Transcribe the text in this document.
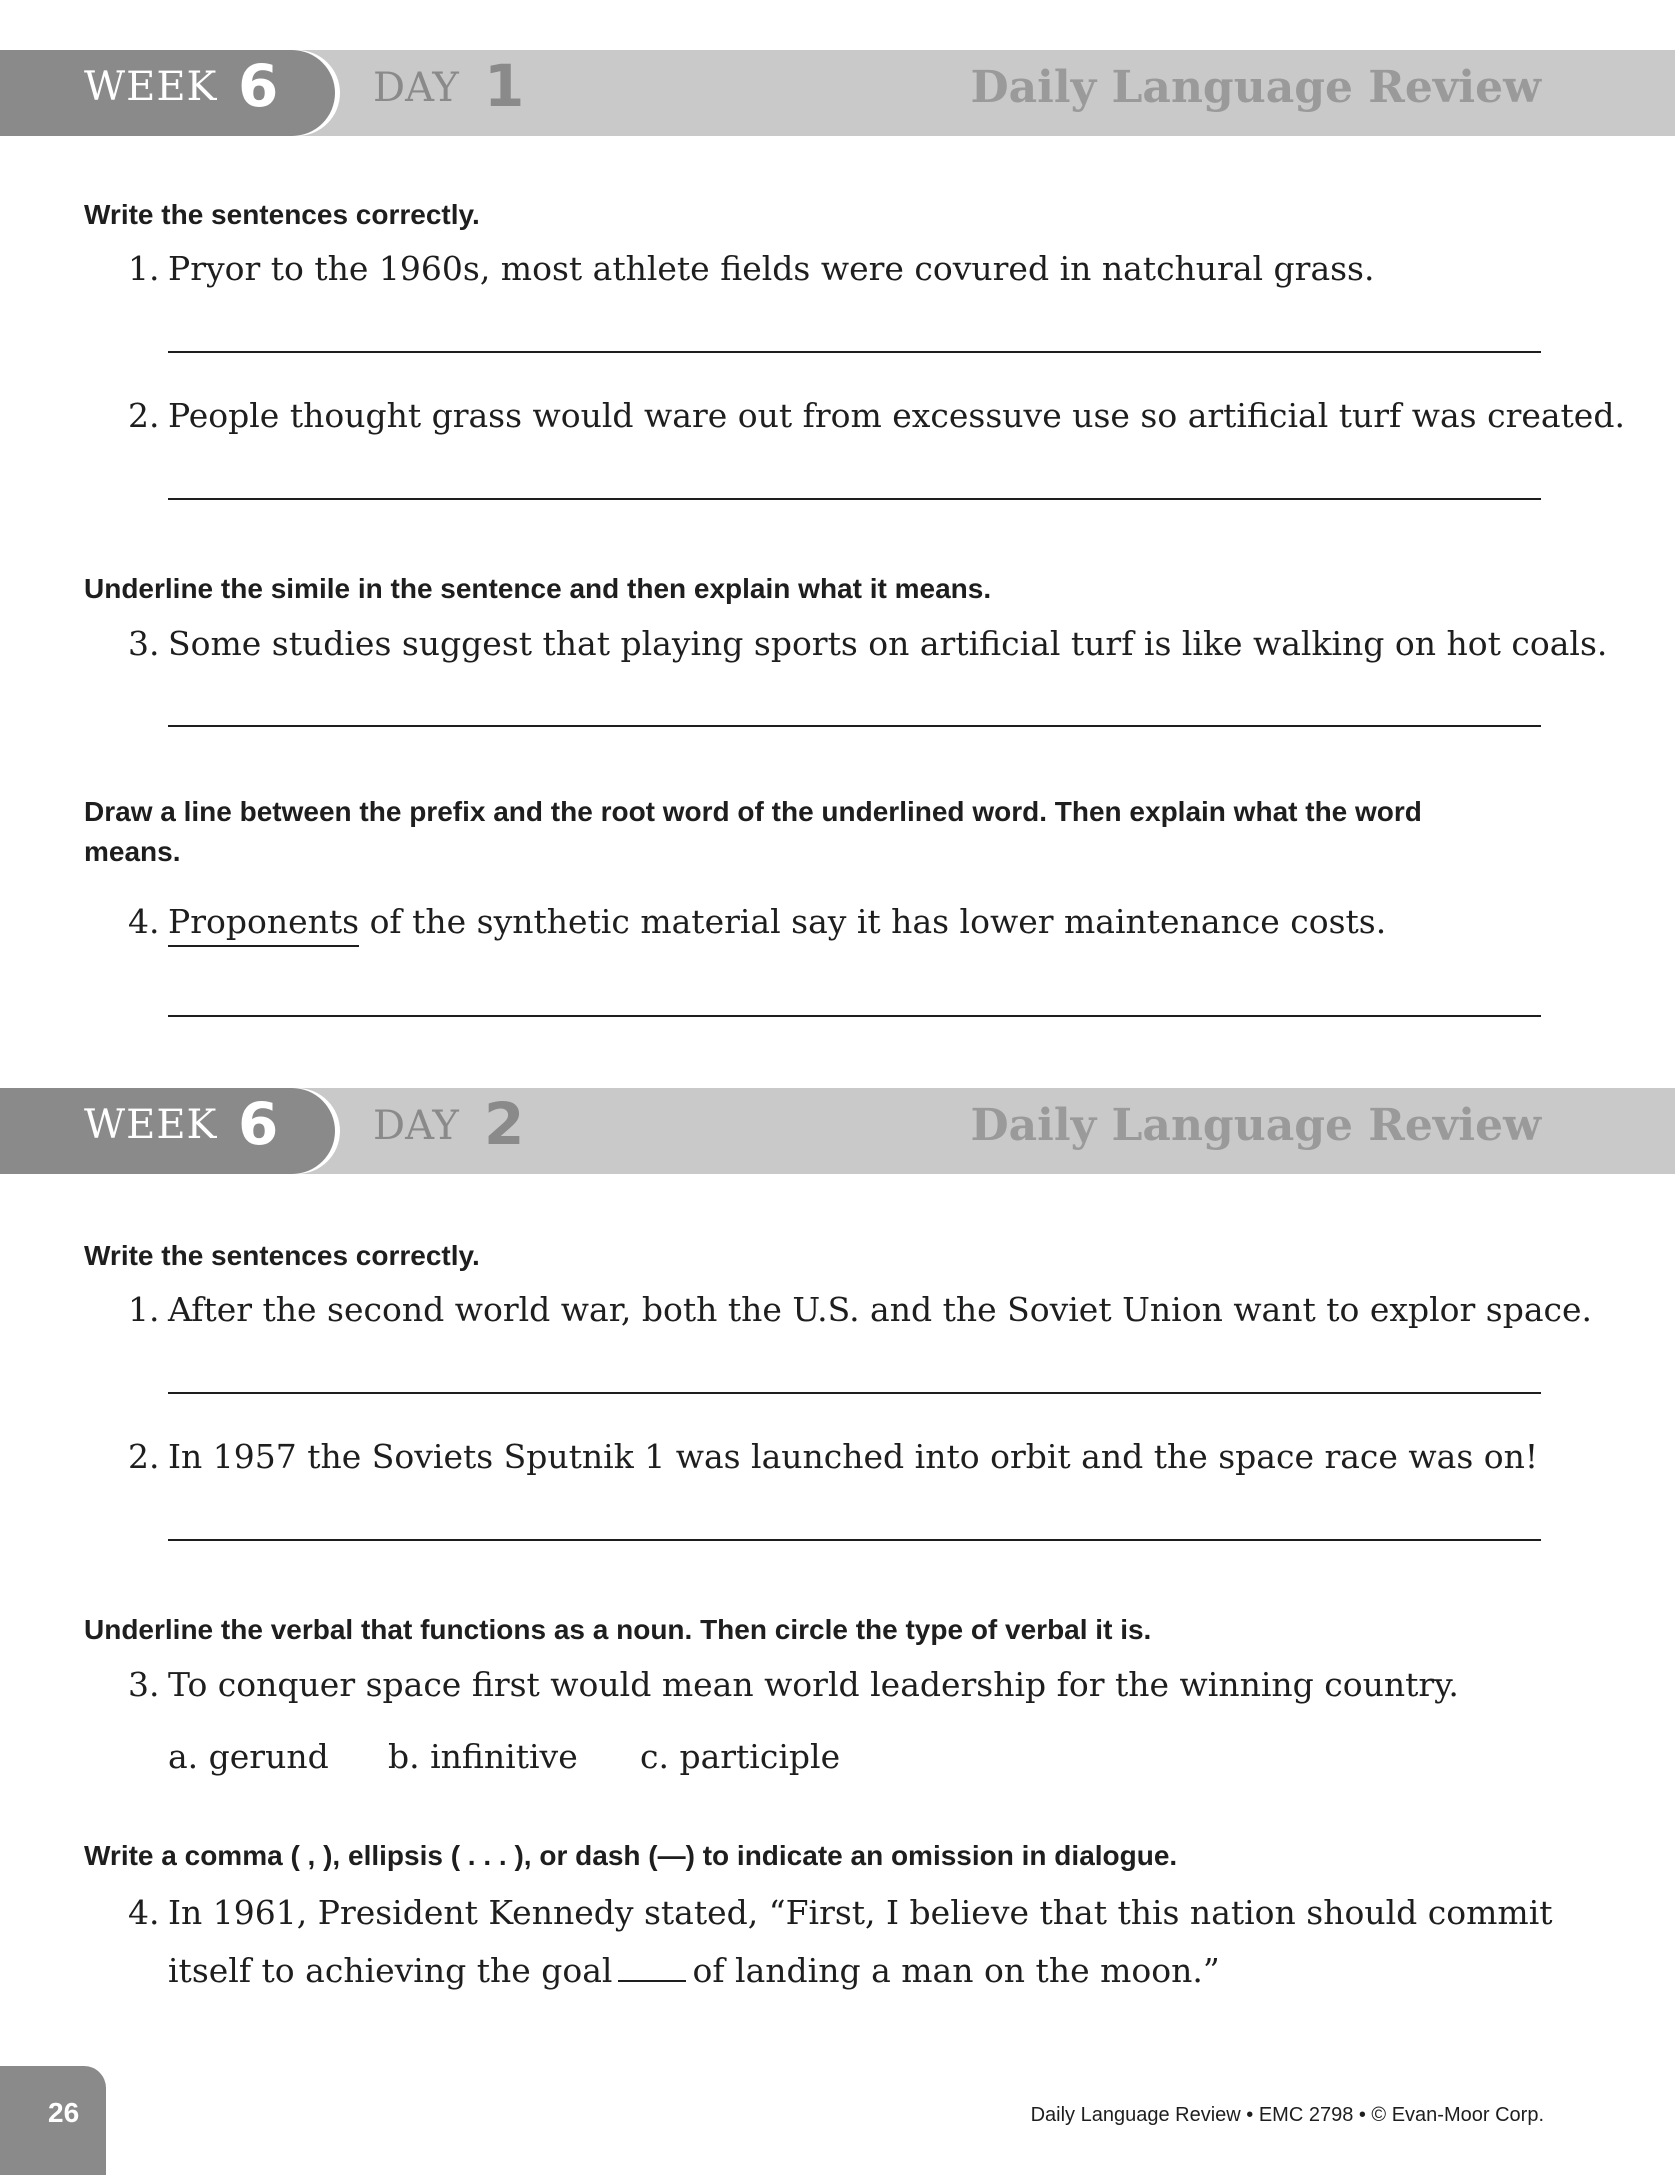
WEEK 6 DAY 1	Daily Language Review
Write the sentences correctly.
1. Pryor to the 1960s, most athlete fields were covured in natchural grass.
2. People thought grass would ware out from excessuve use so artificial turf was created.
Underline the simile in the sentence and then explain what it means.
3. Some studies suggest that playing sports on artificial turf is like walking on hot coals.
Draw a line between the prefix and the root word of the underlined word. Then explain what the word means.
4. Proponents of the synthetic material say it has lower maintenance costs.
WEEK 6 DAY 2	Daily Language Review
Write the sentences correctly.
1. After the second world war, both the U.S. and the Soviet Union want to explor space.
2. In 1957 the Soviets Sputnik 1 was launched into orbit and the space race was on!
Underline the verbal that functions as a noun. Then circle the type of verbal it is.
3. To conquer space first would mean world leadership for the winning country.
a. gerund b. infinitive c. participle
Write a comma ( , ), ellipsis ( . . . ), or dash (—) to indicate an omission in dialogue.
4. In 1961, President Kennedy stated, “First, I believe that this nation should commit
itself to achieving the goal of landing a man on the moon.”
26	Daily Language Review • EMC 2798 • © Evan-Moor Corp.
